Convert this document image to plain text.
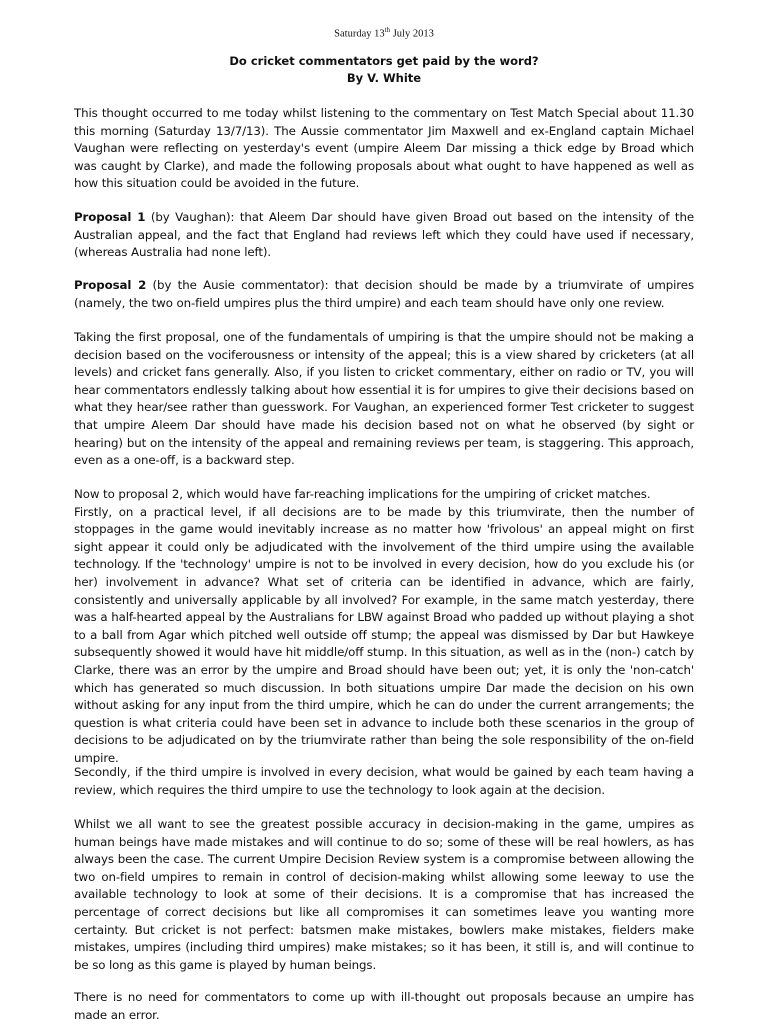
Saturday 13th July 2013
Do cricket commentators get paid by the word?
By V. White

This thought occurred to me today whilst listening to the commentary on Test Match Special about 11.30 this morning (Saturday 13/7/13). The Aussie commentator Jim Maxwell and ex-England captain Michael Vaughan were reflecting on yesterday's event (umpire Aleem Dar missing a thick edge by Broad which was caught by Clarke), and made the following proposals about what ought to have happened as well as how this situation could be avoided in the future.

Proposal 1 (by Vaughan): that Aleem Dar should have given Broad out based on the intensity of the Australian appeal, and the fact that England had reviews left which they could have used if necessary, (whereas Australia had none left).

Proposal 2 (by the Ausie commentator): that decision should be made by a triumvirate of umpires (namely, the two on-field umpires plus the third umpire) and each team should have only one review.

Taking the first proposal, one of the fundamentals of umpiring is that the umpire should not be making a decision based on the vociferousness or intensity of the appeal; this is a view shared by cricketers (at all levels) and cricket fans generally. Also, if you listen to cricket commentary, either on radio or TV, you will hear commentators endlessly talking about how essential it is for umpires to give their decisions based on what they hear/see rather than guesswork. For Vaughan, an experienced former Test cricketer to suggest that umpire Aleem Dar should have made his decision based not on what he observed (by sight or hearing) but on the intensity of the appeal and remaining reviews per team, is staggering. This approach, even as a one-off, is a backward step.

Now to proposal 2, which would have far-reaching implications for the umpiring of cricket matches.
Firstly, on a practical level, if all decisions are to be made by this triumvirate, then the number of stoppages in the game would inevitably increase as no matter how 'frivolous' an appeal might on first sight appear it could only be adjudicated with the involvement of the third umpire using the available technology. If the 'technology' umpire is not to be involved in every decision, how do you exclude his (or her) involvement in advance? What set of criteria can be identified in advance, which are fairly, consistently and universally applicable by all involved? For example, in the same match yesterday, there was a half-hearted appeal by the Australians for LBW against Broad who padded up without playing a shot to a ball from Agar which pitched well outside off stump; the appeal was dismissed by Dar but Hawkeye subsequently showed it would have hit middle/off stump. In this situation, as well as in the (non-) catch by Clarke, there was an error by the umpire and Broad should have been out; yet, it is only the 'non-catch' which has generated so much discussion. In both situations umpire Dar made the decision on his own without asking for any input from the third umpire, which he can do under the current arrangements; the question is what criteria could have been set in advance to include both these scenarios in the group of decisions to be adjudicated on by the triumvirate rather than being the sole responsibility of the on-field umpire.

Secondly, if the third umpire is involved in every decision, what would be gained by each team having a review, which requires the third umpire to use the technology to look again at the decision.

Whilst we all want to see the greatest possible accuracy in decision-making in the game, umpires as human beings have made mistakes and will continue to do so; some of these will be real howlers, as has always been the case. The current Umpire Decision Review system is a compromise between allowing the two on-field umpires to remain in control of decision-making whilst allowing some leeway to use the available technology to look at some of their decisions. It is a compromise that has increased the percentage of correct decisions but like all compromises it can sometimes leave you wanting more certainty. But cricket is not perfect: batsmen make mistakes, bowlers make mistakes, fielders make mistakes, umpires (including third umpires) make mistakes; so it has been, it still is, and will continue to be so long as this game is played by human beings.

There is no need for commentators to come up with ill-thought out proposals because an umpire has made an error.
